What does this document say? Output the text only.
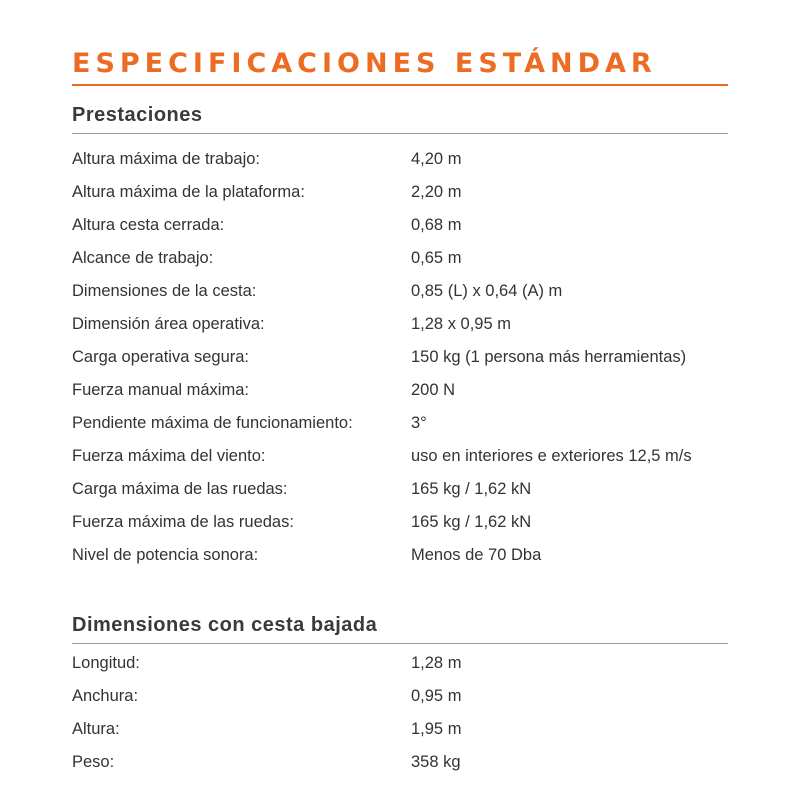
ESPECIFICACIONES ESTÁNDAR
Prestaciones
Altura máxima de trabajo:	4,20 m
Altura máxima de la plataforma:	2,20 m
Altura cesta cerrada:	0,68 m
Alcance de trabajo:	0,65 m
Dimensiones de la cesta:	0,85 (L) x 0,64 (A) m
Dimensión área operativa:	1,28 x 0,95 m
Carga operativa segura:	150 kg (1 persona más herramientas)
Fuerza manual máxima:	200 N
Pendiente máxima de funcionamiento:	3°
Fuerza máxima del viento:	uso en interiores e exteriores 12,5 m/s
Carga máxima de las ruedas:	165 kg / 1,62 kN
Fuerza máxima de las ruedas:	165 kg / 1,62 kN
Nivel de potencia sonora:	Menos de 70 Dba
Dimensiones con cesta bajada
Longitud:	1,28 m
Anchura:	0,95 m
Altura:	1,95 m
Peso:	358 kg
